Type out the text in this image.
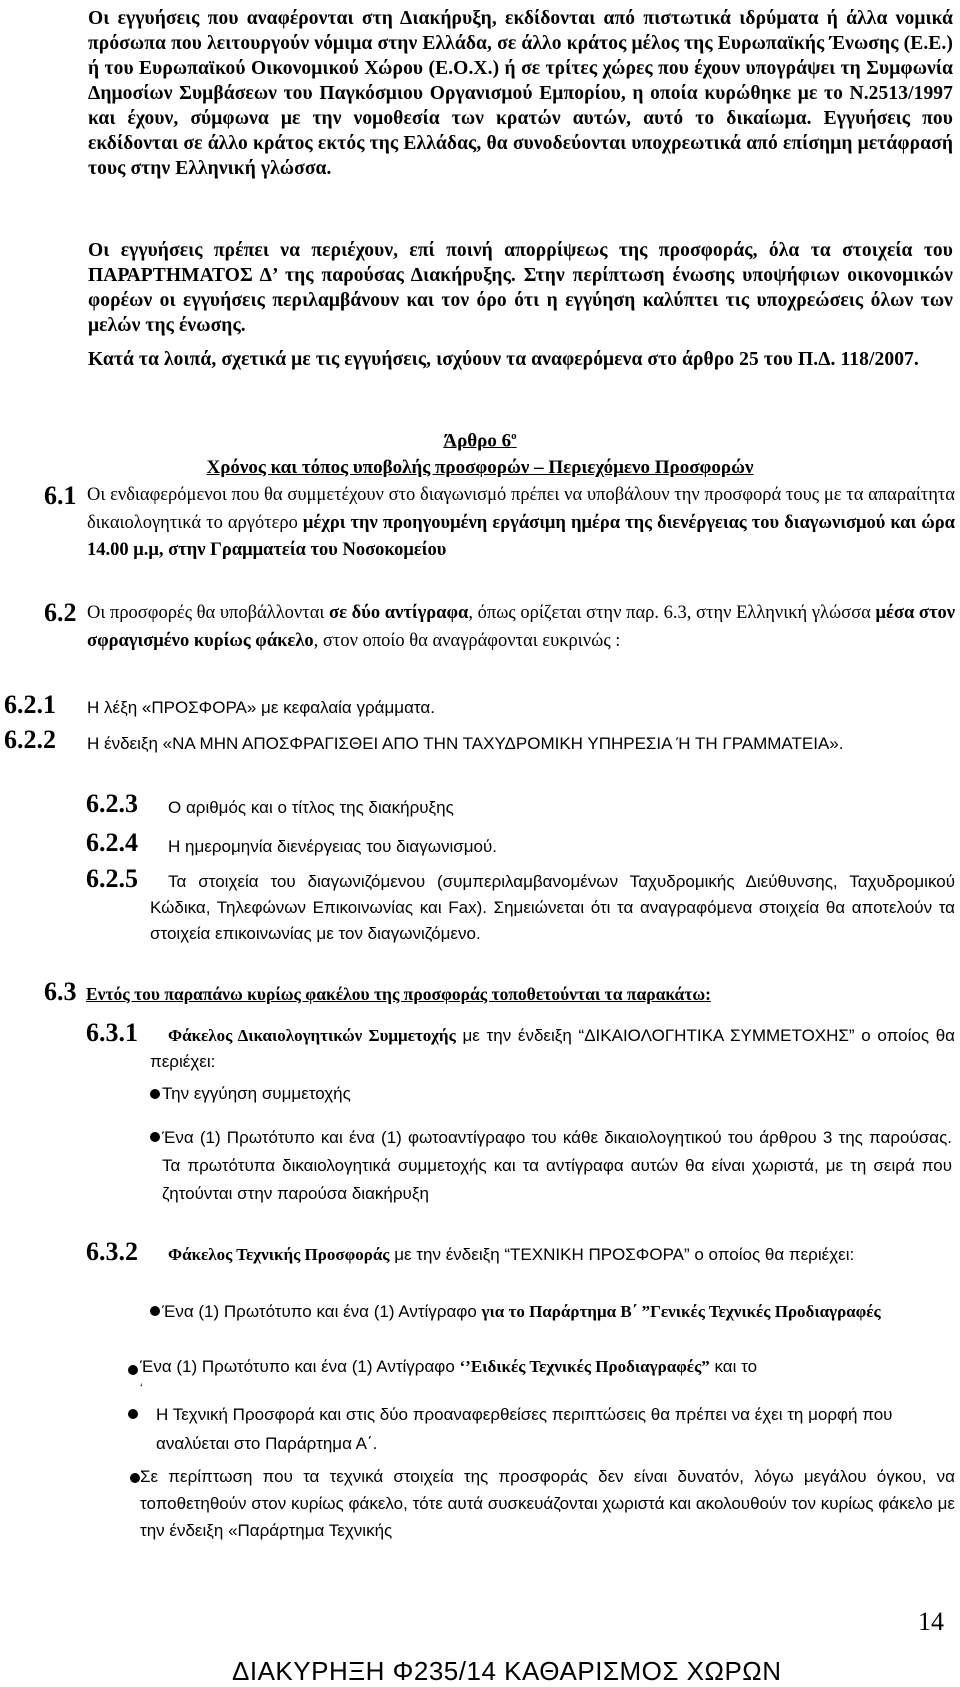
Οι εγγυήσεις που αναφέρονται στη Διακήρυξη, εκδίδονται από πιστωτικά ιδρύματα ή άλλα νομικά πρόσωπα που λειτουργούν νόμιμα στην Ελλάδα, σε άλλο κράτος μέλος της Ευρωπαϊκής Ένωσης (Ε.Ε.) ή του Ευρωπαϊκού Οικονομικού Χώρου (Ε.Ο.Χ.) ή σε τρίτες χώρες που έχουν υπογράψει τη Συμφωνία Δημοσίων Συμβάσεων του Παγκόσμιου Οργανισμού Εμπορίου, η οποία κυρώθηκε με το Ν.2513/1997 και έχουν, σύμφωνα με την νομοθεσία των κρατών αυτών, αυτό το δικαίωμα. Εγγυήσεις που εκδίδονται σε άλλο κράτος εκτός της Ελλάδας, θα συνοδεύονται υποχρεωτικά από επίσημη μετάφρασή τους στην Ελληνική γλώσσα.
Οι εγγυήσεις πρέπει να περιέχουν, επί ποινή απορρίψεως της προσφοράς, όλα τα στοιχεία του ΠΑΡΑΡΤΗΜΑΤΟΣ Δ’ της παρούσας Διακήρυξης. Στην περίπτωση ένωσης υποψήφιων οικονομικών φορέων οι εγγυήσεις περιλαμβάνουν και τον όρο ότι η εγγύηση καλύπτει τις υποχρεώσεις όλων των μελών της ένωσης.
Κατά τα λοιπά, σχετικά με τις εγγυήσεις, ισχύουν τα αναφερόμενα στο άρθρο 25 του Π.Δ. 118/2007.
Άρθρο $6^o$
Χρόνος και τόπος υποβολής προσφορών – Περιεχόμενο Προσφορών
6.1 Οι ενδιαφερόμενοι που θα συμμετέχουν στο διαγωνισμό πρέπει να υποβάλουν την προσφορά τους με τα απαραίτητα δικαιολογητικά το αργότερο μέχρι την προηγουμένη εργάσιμη ημέρα της διενέργειας του διαγωνισμού και ώρα 14.00 μ.μ, στην Γραμματεία του Νοσοκομείου
6.2 Οι προσφορές θα υποβάλλονται σε δύο αντίγραφα, όπως ορίζεται στην παρ. 6.3, στην Ελληνική γλώσσα μέσα στον σφραγισμένο κυρίως φάκελο, στον οποίο θα αναγράφονται ευκρινώς :
6.2.1 Η λέξη «ΠΡΟΣΦΟΡΑ» με κεφαλαία γράμματα.
6.2.2	Η ένδειξη «ΝΑ ΜΗΝ ΑΠΟΣΦΡΑΓΙΣΘΕΙ ΑΠΟ ΤΗΝ ΤΑΧΥΔΡΟΜΙΚΗ ΥΠΗΡΕΣΙΑ Ή ΤΗ ΓΡΑΜΜΑΤΕΙΑ».
6.2.3 Ο αριθμός και ο τίτλος της διακήρυξης
6.2.4 Η ημερομηνία διενέργειας του διαγωνισμού.
6.2.5	Τα στοιχεία του διαγωνιζόμενου (συμπεριλαμβανομένων Ταχυδρομικής Διεύθυνσης, Ταχυδρομικού Κώδικα, Τηλεφώνων Επικοινωνίας και Fax). Σημειώνεται ότι τα αναγραφόμενα στοιχεία θα αποτελούν τα στοιχεία επικοινωνίας με τον διαγωνιζόμενο.
6.3 Εντός του παραπάνω κυρίως φακέλου της προσφοράς τοποθετούνται τα παρακάτω:
6.3.1	Φάκελος Δικαιολογητικών Συμμετοχής με την ένδειξη “ΔΙΚΑΙΟΛΟΓΗΤΙΚΑ ΣΥΜΜΕΤΟΧΗΣ” ο οποίος θα περιέχει:
Την εγγύηση συμμετοχής
Ένα (1) Πρωτότυπο και ένα (1) φωτοαντίγραφο του κάθε δικαιολογητικού του άρθρου 3 της παρούσας. Τα πρωτότυπα δικαιολογητικά συμμετοχής και τα αντίγραφα αυτών θα είναι χωριστά, με τη σειρά που ζητούνται στην παρούσα διακήρυξη
6.3.2	Φάκελος Τεχνικής Προσφοράς με την ένδειξη “ΤΕΧΝΙΚΗ ΠΡΟΣΦΟΡΑ” ο οποίος θα περιέχει:
Ένα (1) Πρωτότυπο και ένα (1) Αντίγραφο για το Παράρτημα Β΄ ”Γενικές Τεχνικές Προδιαγραφές
Ένα (1) Πρωτότυπο και ένα (1) Αντίγραφο ‘’Ειδικές Τεχνικές Προδιαγραφές” και το
‘
Η Τεχνική Προσφορά και στις δύο προαναφερθείσες περιπτώσεις θα πρέπει να έχει τη μορφή που αναλύεται στο Παράρτημα Α΄.
Σε περίπτωση που τα τεχνικά στοιχεία της προσφοράς δεν είναι δυνατόν, λόγω μεγάλου όγκου, να τοποθετηθούν στον κυρίως φάκελο, τότε αυτά συσκευάζονται χωριστά και ακολουθούν τον κυρίως φάκελο με την ένδειξη «Παράρτημα Τεχνικής
14
ΔΙΑΚΥΡΗΞΗ Φ235/14 ΚΑΘΑΡΙΣΜΟΣ ΧΩΡΩΝ
